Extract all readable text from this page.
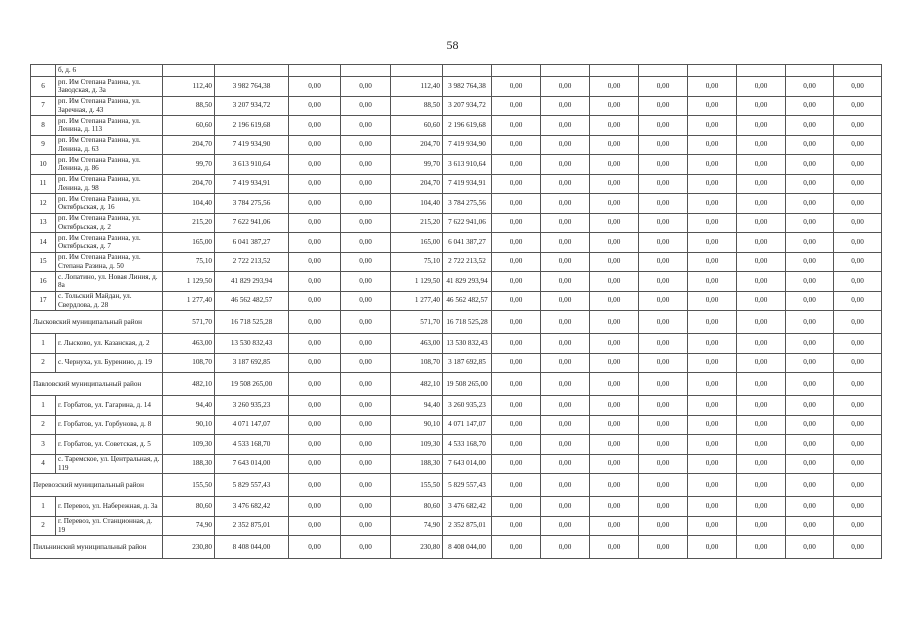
58
	б, д. 6														
6	рп. Им Степана Разина, ул. Заводская, д. 3а	112,40	3 982 764,38	0,00	0,00	112,40	3 982 764,38	0,00	0,00	0,00	0,00	0,00	0,00	0,00	0,00
7	рп. Им Степана Разина, ул. Заречная, д. 43	88,50	3 207 934,72	0,00	0,00	88,50	3 207 934,72	0,00	0,00	0,00	0,00	0,00	0,00	0,00	0,00
8	рп. Им Степана Разина, ул. Ленина, д. 113	60,60	2 196 619,68	0,00	0,00	60,60	2 196 619,68	0,00	0,00	0,00	0,00	0,00	0,00	0,00	0,00
9	рп. Им Степана Разина, ул. Ленина, д. 63	204,70	7 419 934,90	0,00	0,00	204,70	7 419 934,90	0,00	0,00	0,00	0,00	0,00	0,00	0,00	0,00
10	рп. Им Степана Разина, ул. Ленина, д. 86	99,70	3 613 910,64	0,00	0,00	99,70	3 613 910,64	0,00	0,00	0,00	0,00	0,00	0,00	0,00	0,00
11	рп. Им Степана Разина, ул. Ленина, д. 98	204,70	7 419 934,91	0,00	0,00	204,70	7 419 934,91	0,00	0,00	0,00	0,00	0,00	0,00	0,00	0,00
12	рп. Им Степана Разина, ул. Октябрьская, д. 16	104,40	3 784 275,56	0,00	0,00	104,40	3 784 275,56	0,00	0,00	0,00	0,00	0,00	0,00	0,00	0,00
13	рп. Им Степана Разина, ул. Октябрьская, д. 2	215,20	7 622 941,06	0,00	0,00	215,20	7 622 941,06	0,00	0,00	0,00	0,00	0,00	0,00	0,00	0,00
14	рп. Им Степана Разина, ул. Октябрьская, д. 7	165,00	6 041 387,27	0,00	0,00	165,00	6 041 387,27	0,00	0,00	0,00	0,00	0,00	0,00	0,00	0,00
15	рп. Им Степана Разина, ул. Степана Разина, д. 50	75,10	2 722 213,52	0,00	0,00	75,10	2 722 213,52	0,00	0,00	0,00	0,00	0,00	0,00	0,00	0,00
16	с. Лопатино, ул. Новая Линия, д. 8а	1 129,50	41 829 293,94	0,00	0,00	1 129,50	41 829 293,94	0,00	0,00	0,00	0,00	0,00	0,00	0,00	0,00
17	с. Тольский Майдан, ул. Свердлова, д. 28	1 277,40	46 562 482,57	0,00	0,00	1 277,40	46 562 482,57	0,00	0,00	0,00	0,00	0,00	0,00	0,00	0,00
Лысковский муниципальный район		571,70	16 718 525,28	0,00	0,00	571,70	16 718 525,28	0,00	0,00	0,00	0,00	0,00	0,00	0,00	0,00
1	г. Лысково, ул. Казанская, д. 2	463,00	13 530 832,43	0,00	0,00	463,00	13 530 832,43	0,00	0,00	0,00	0,00	0,00	0,00	0,00	0,00
2	с. Чернуха, ул. Буренино, д. 19	108,70	3 187 692,85	0,00	0,00	108,70	3 187 692,85	0,00	0,00	0,00	0,00	0,00	0,00	0,00	0,00
Павловский муниципальный район		482,10	19 508 265,00	0,00	0,00	482,10	19 508 265,00	0,00	0,00	0,00	0,00	0,00	0,00	0,00	0,00
1	г. Горбатов, ул. Гагарина, д. 14	94,40	3 260 935,23	0,00	0,00	94,40	3 260 935,23	0,00	0,00	0,00	0,00	0,00	0,00	0,00	0,00
2	г. Горбатов, ул. Горбунова, д. 8	90,10	4 071 147,07	0,00	0,00	90,10	4 071 147,07	0,00	0,00	0,00	0,00	0,00	0,00	0,00	0,00
3	г. Горбатов, ул. Советская, д. 5	109,30	4 533 168,70	0,00	0,00	109,30	4 533 168,70	0,00	0,00	0,00	0,00	0,00	0,00	0,00	0,00
4	с. Таремское, ул. Центральная, д. 119	188,30	7 643 014,00	0,00	0,00	188,30	7 643 014,00	0,00	0,00	0,00	0,00	0,00	0,00	0,00	0,00
Перевозский муниципальный район		155,50	5 829 557,43	0,00	0,00	155,50	5 829 557,43	0,00	0,00	0,00	0,00	0,00	0,00	0,00	0,00
1	г. Перевоз, ул. Набережная, д. 3а	80,60	3 476 682,42	0,00	0,00	80,60	3 476 682,42	0,00	0,00	0,00	0,00	0,00	0,00	0,00	0,00
2	г. Перевоз, ул. Станционная, д. 19	74,90	2 352 875,01	0,00	0,00	74,90	2 352 875,01	0,00	0,00	0,00	0,00	0,00	0,00	0,00	0,00
Пильнинский муниципальный район		230,80	8 408 044,00	0,00	0,00	230,80	8 408 044,00	0,00	0,00	0,00	0,00	0,00	0,00	0,00	0,00
